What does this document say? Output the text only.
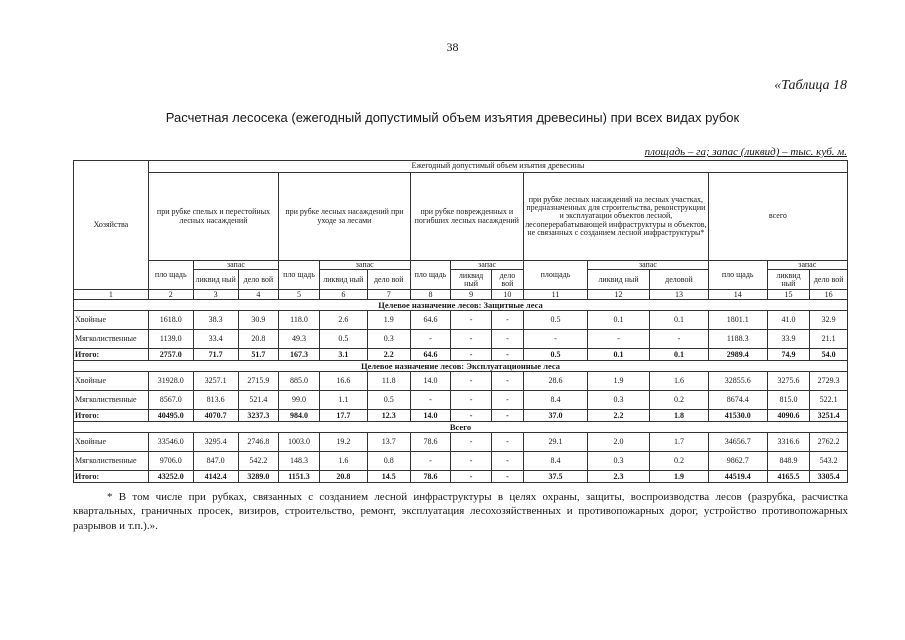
38
«Таблица 18
Расчетная лесосека (ежегодный допустимый объем изъятия древесины) при всех видах рубок
площадь – га; запас (ликвид) – тыс. куб. м.
Хозяйства	Ежегодный допустимый объем изъятия древесины														
	при рубке спелых и перестойных лесных насаждений			при рубке лесных насаждений при уходе за лесами			при рубке поврежденных и погибших лесных насаждений			при рубке лесных насаждений на лесных участках, предназначенных для строительства, реконструкции и эксплуатации объектов лесной, лесоперерабатывающей инфраструктуры и объектов, не связанных с созданием лесной инфраструктуры*			всего		
	пло щадь	запас		пло щадь	запас		пло щадь	запас		площадь	запас		пло щадь	запас	
		ликвид ный	дело вой		ликвид ный	дело вой		ликвид ный	дело вой		ликвид ный	деловой		ликвид ный	дело вой
1	2	3	4	5	6	7	8	9	10	11	12	13	14	15	16
Целевое назначение лесов: Защитные леса															
Хвойные	1618.0	38.3	30.9	118.0	2.6	1.9	64.6	-	-	0.5	0.1	0.1	1801.1	41.0	32.9
Мягколиственные	1139.0	33.4	20.8	49.3	0.5	0.3	-	-	-	-	-	-	1188.3	33.9	21.1
Итого:	2757.0	71.7	51.7	167.3	3.1	2.2	64.6	-	-	0.5	0.1	0.1	2989.4	74.9	54.0
Целевое назначение лесов: Эксплуатационные леса															
Хвойные	31928.0	3257.1	2715.9	885.0	16.6	11.8	14.0	-	-	28.6	1.9	1.6	32855.6	3275.6	2729.3
Мягколиственные	8567.0	813.6	521.4	99.0	1.1	0.5	-	-	-	8.4	0.3	0.2	8674.4	815.0	522.1
Итого:	40495.0	4070.7	3237.3	984.0	17.7	12.3	14.0	-	-	37.0	2.2	1.8	41530.0	4090.6	3251.4
Всего															
Хвойные	33546.0	3295.4	2746.8	1003.0	19.2	13.7	78.6	-	-	29.1	2.0	1.7	34656.7	3316.6	2762.2
Мягколиственные	9706.0	847.0	542.2	148.3	1.6	0.8	-	-	-	8.4	0.3	0.2	9862.7	848.9	543.2
Итого:	43252.0	4142.4	3289.0	1151.3	20.8	14.5	78.6	-	-	37.5	2.3	1.9	44519.4	4165.5	3305.4

* В том числе при рубках, связанных с созданием лесной инфраструктуры в целях охраны, защиты, воспроизводства лесов (разрубка, расчистка квартальных, граничных просек, визиров, строительство, ремонт, эксплуатация лесохозяйственных и противопожарных дорог, устройство противопожарных разрывов и т.п.).».
